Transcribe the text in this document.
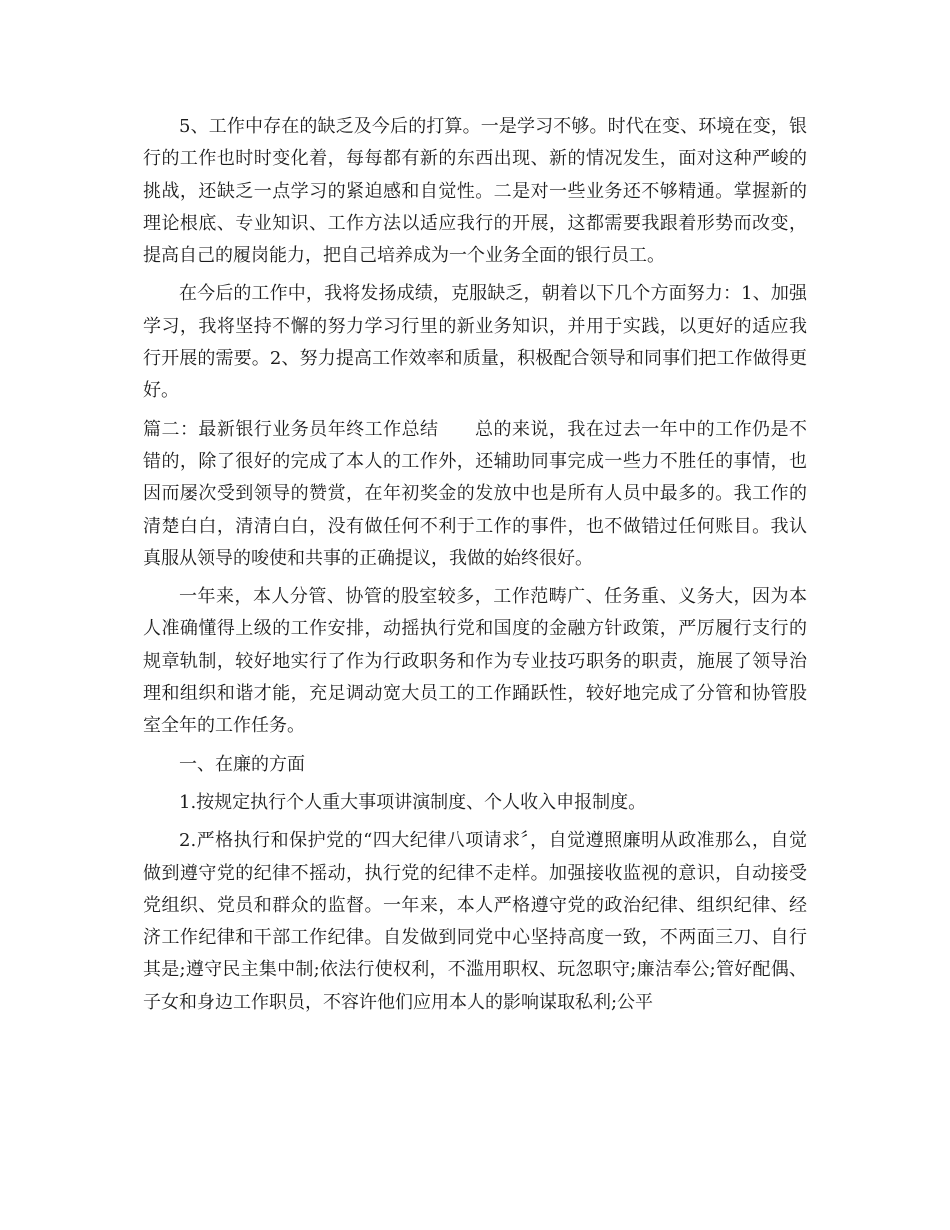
5、工作中存在的缺乏及今后的打算。一是学习不够。时代在变、环境在变，银行的工作也时时变化着，每每都有新的东西出现、新的情况发生，面对这种严峻的挑战，还缺乏一点学习的紧迫感和自觉性。二是对一些业务还不够精通。掌握新的理论根底、专业知识、工作方法以适应我行的开展，这都需要我跟着形势而改变，提高自己的履岗能力，把自己培养成为一个业务全面的银行员工。

在今后的工作中，我将发扬成绩，克服缺乏，朝着以下几个方面努力：1、加强学习，我将坚持不懈的努力学习行里的新业务知识，并用于实践，以更好的适应我行开展的需要。2、努力提高工作效率和质量，积极配合领导和同事们把工作做得更好。

篇二：最新银行业务员年终工作总结 总的来说，我在过去一年中的工作仍是不错的，除了很好的完成了本人的工作外，还辅助同事完成一些力不胜任的事情，也因而屡次受到领导的赞赏，在年初奖金的发放中也是所有人员中最多的。我工作的清楚白白，清清白白，没有做任何不利于工作的事件，也不做错过任何账目。我认真服从领导的唆使和共事的正确提议，我做的始终很好。

一年来，本人分管、协管的股室较多，工作范畴广、任务重、义务大，因为本人准确懂得上级的工作安排，动摇执行党和国度的金融方针政策，严厉履行支行的规章轨制，较好地实行了作为行政职务和作为专业技巧职务的职责，施展了领导治理和组织和谐才能，充足调动宽大员工的工作踊跃性，较好地完成了分管和协管股室全年的工作任务。

一、在廉的方面

1.按规定执行个人重大事项讲演制度、个人收入申报制度。

2.严格执行和保护党的“四大纪律八项请求〞，自觉遵照廉明从政准那么，自觉做到遵守党的纪律不摇动，执行党的纪律不走样。加强接收监视的意识，自动接受党组织、党员和群众的监督。一年来，本人严格遵守党的政治纪律、组织纪律、经济工作纪律和干部工作纪律。自发做到同党中心坚持高度一致，不两面三刀、自行其是;遵守民主集中制;依法行使权利，不滥用职权、玩忽职守;廉洁奉公;管好配偶、子女和身边工作职员，不容许他们应用本人的影响谋取私利;公平
